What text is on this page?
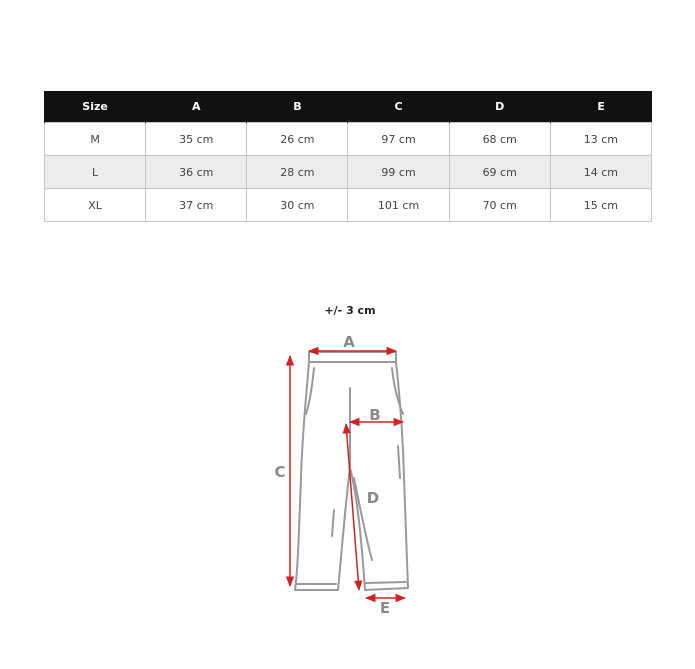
Size	A	B	C	D	E
M	35 cm	26 cm	97 cm	68 cm	13 cm
L	36 cm	28 cm	99 cm	69 cm	14 cm
XL	37 cm	30 cm	101 cm	70 cm	15 cm
+/- 3 cm
A
B
C
D
E
